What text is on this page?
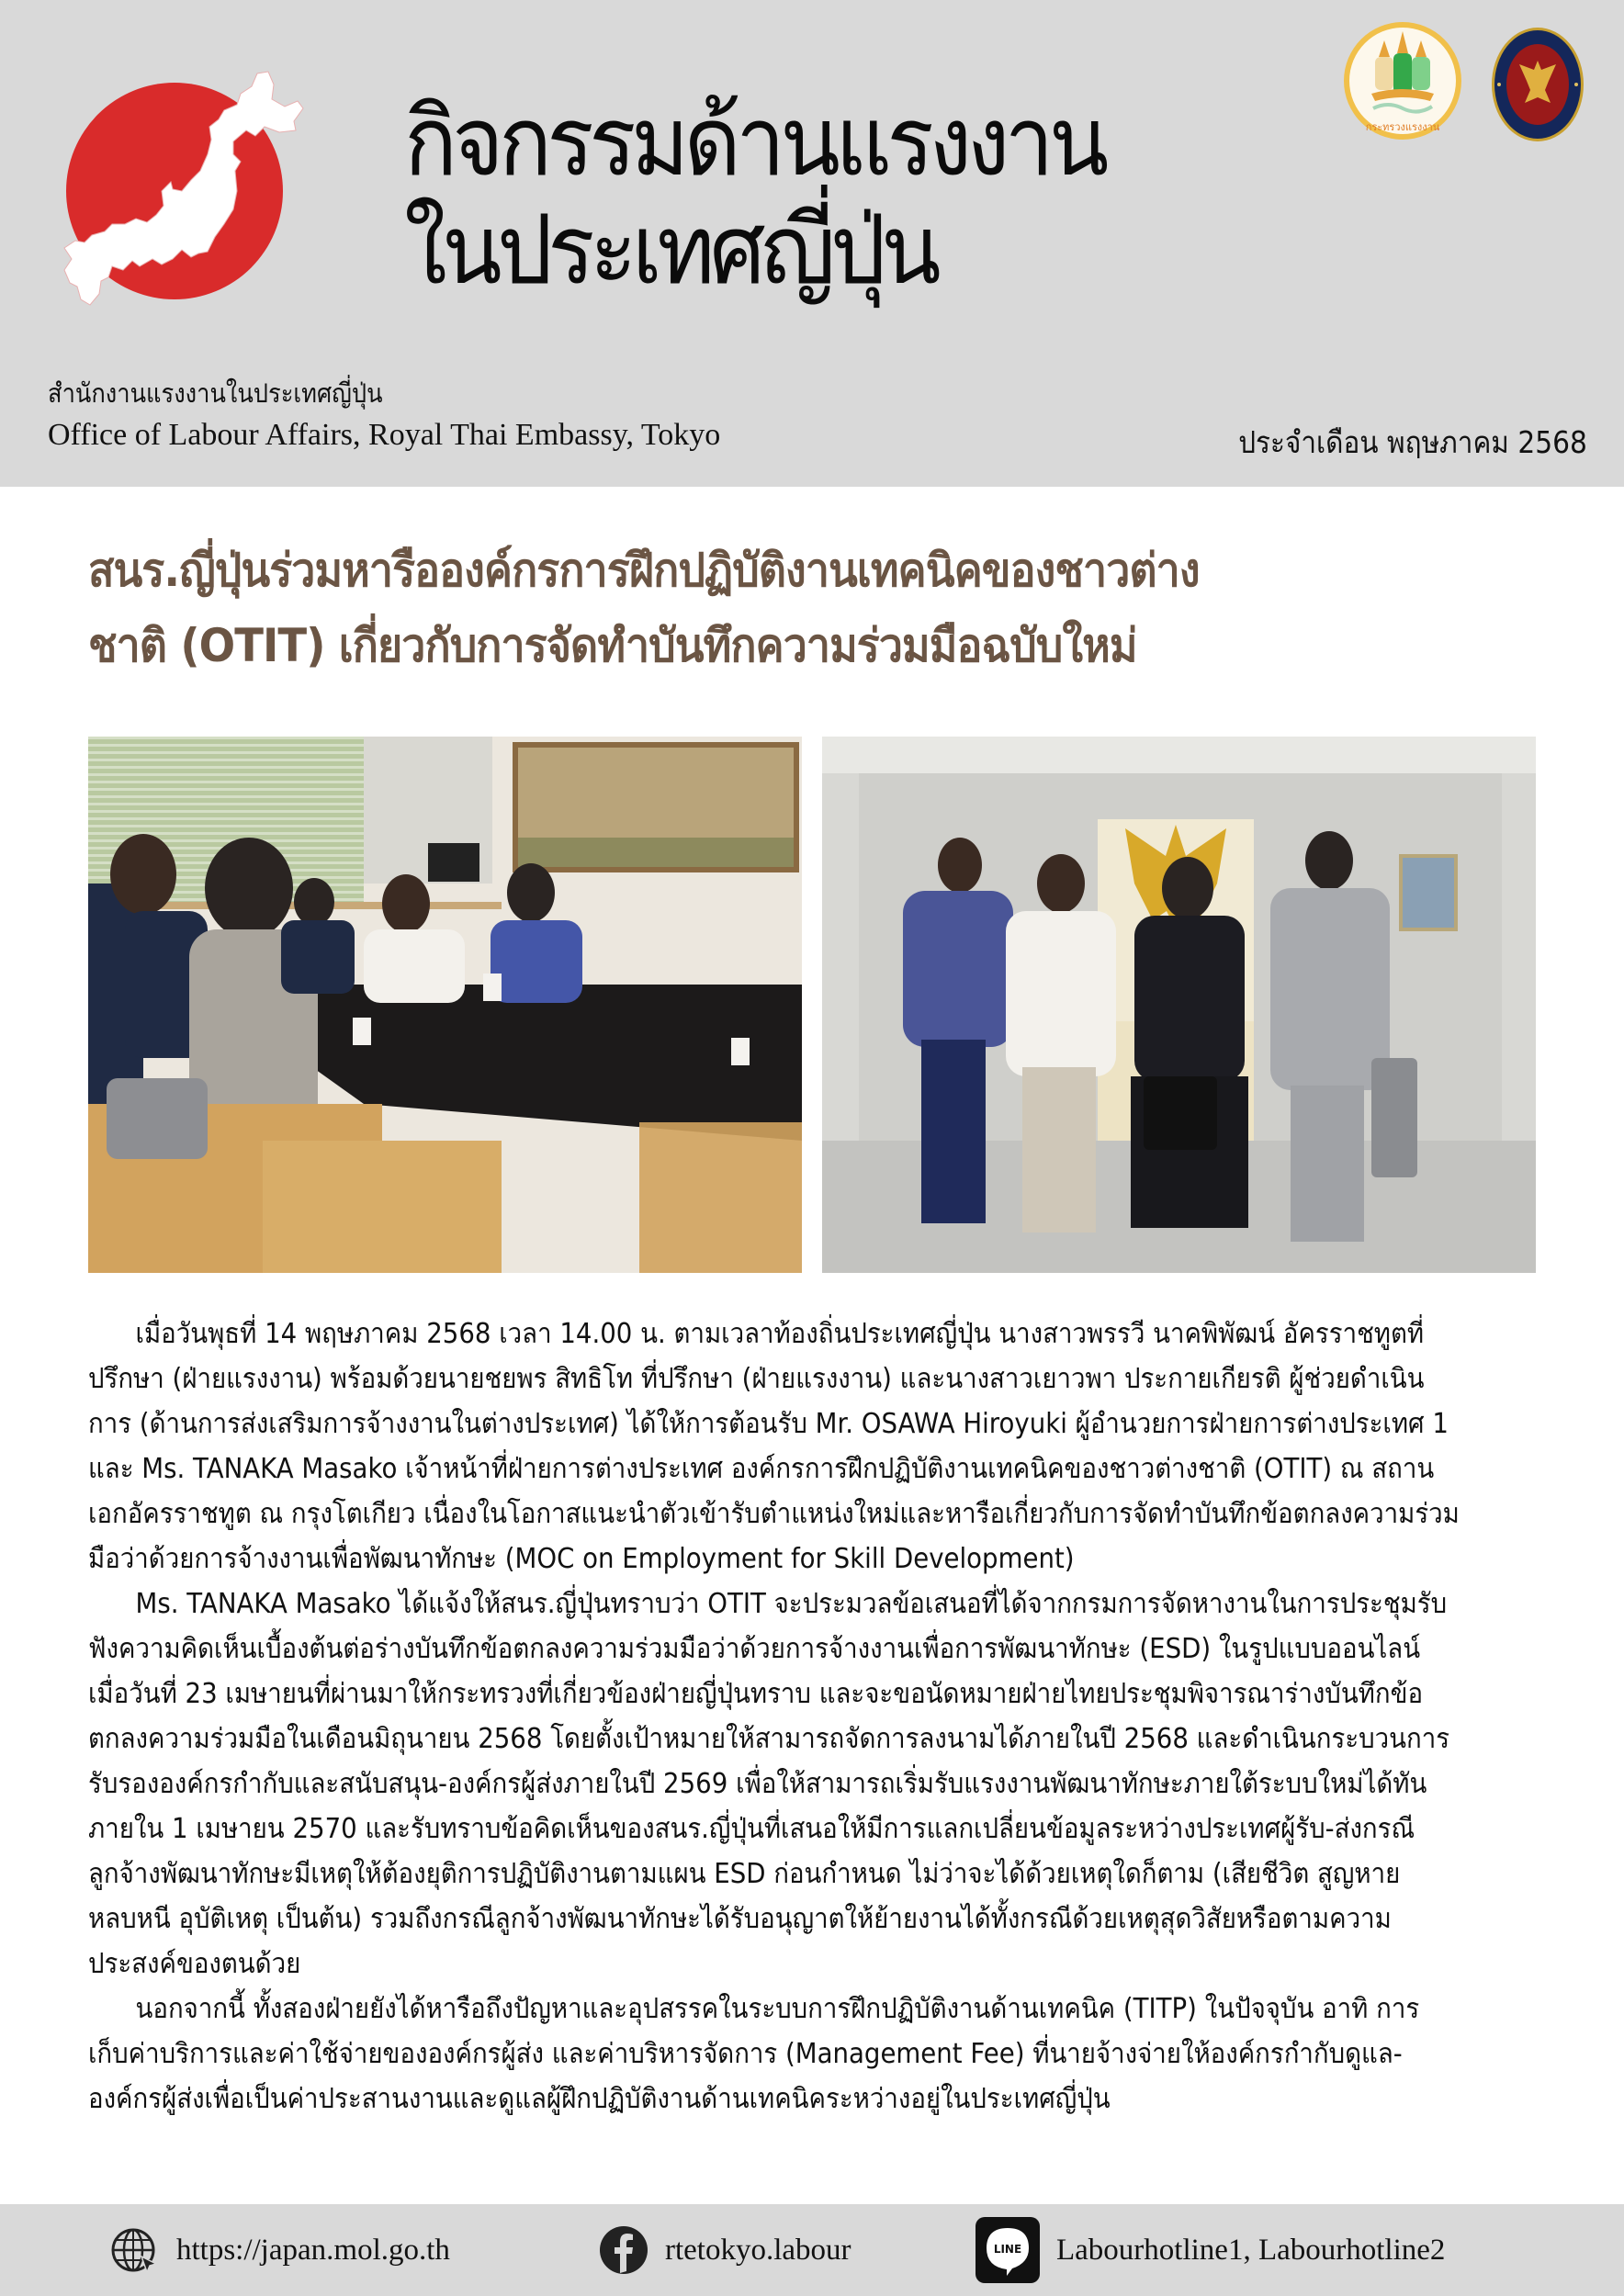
กิจกรรมด้านแรงงาน
ในประเทศญี่ปุ่น
กระทรวงแรงงาน
สำนักงานแรงงานในประเทศญี่ปุ่น
Office of Labour Affairs, Royal Thai Embassy, Tokyo	ประจำเดือน พฤษภาคม 2568
สนร.ญี่ปุ่นร่วมหารือองค์กรการฝึกปฏิบัติงานเทคนิคของชาวต่าง
ชาติ (OTIT) เกี่ยวกับการจัดทำบันทึกความร่วมมือฉบับใหม่
เมื่อวันพุธที่ 14 พฤษภาคม 2568 เวลา 14.00 น. ตามเวลาท้องถิ่นประเทศญี่ปุ่น นางสาวพรรวี นาคพิพัฒน์ อัครราชทูตที่
ปรึกษา (ฝ่ายแรงงาน) พร้อมด้วยนายชยพร สิทธิโท ที่ปรึกษา (ฝ่ายแรงงาน) และนางสาวเยาวพา ประกายเกียรติ ผู้ช่วยดำเนิน
การ (ด้านการส่งเสริมการจ้างงานในต่างประเทศ) ได้ให้การต้อนรับ Mr. OSAWA Hiroyuki ผู้อำนวยการฝ่ายการต่างประเทศ 1
และ Ms. TANAKA Masako เจ้าหน้าที่ฝ่ายการต่างประเทศ องค์กรการฝึกปฏิบัติงานเทคนิคของชาวต่างชาติ (OTIT) ณ สถาน
เอกอัครราชทูต ณ กรุงโตเกียว เนื่องในโอกาสแนะนำตัวเข้ารับตำแหน่งใหม่และหารือเกี่ยวกับการจัดทำบันทึกข้อตกลงความร่วม
มือว่าด้วยการจ้างงานเพื่อพัฒนาทักษะ (MOC on Employment for Skill Development)
Ms. TANAKA Masako ได้แจ้งให้สนร.ญี่ปุ่นทราบว่า OTIT จะประมวลข้อเสนอที่ได้จากกรมการจัดหางานในการประชุมรับ
ฟังความคิดเห็นเบื้องต้นต่อร่างบันทึกข้อตกลงความร่วมมือว่าด้วยการจ้างงานเพื่อการพัฒนาทักษะ (ESD) ในรูปแบบออนไลน์
เมื่อวันที่ 23 เมษายนที่ผ่านมาให้กระทรวงที่เกี่ยวข้องฝ่ายญี่ปุ่นทราบ และจะขอนัดหมายฝ่ายไทยประชุมพิจารณาร่างบันทึกข้อ
ตกลงความร่วมมือในเดือนมิถุนายน 2568 โดยตั้งเป้าหมายให้สามารถจัดการลงนามได้ภายในปี 2568 และดำเนินกระบวนการ
รับรององค์กรกำกับและสนับสนุน-องค์กรผู้ส่งภายในปี 2569 เพื่อให้สามารถเริ่มรับแรงงานพัฒนาทักษะภายใต้ระบบใหม่ได้ทัน
ภายใน 1 เมษายน 2570 และรับทราบข้อคิดเห็นของสนร.ญี่ปุ่นที่เสนอให้มีการแลกเปลี่ยนข้อมูลระหว่างประเทศผู้รับ-ส่งกรณี
ลูกจ้างพัฒนาทักษะมีเหตุให้ต้องยุติการปฏิบัติงานตามแผน ESD ก่อนกำหนด ไม่ว่าจะได้ด้วยเหตุใดก็ตาม (เสียชีวิต สูญหาย
หลบหนี อุบัติเหตุ เป็นต้น) รวมถึงกรณีลูกจ้างพัฒนาทักษะได้รับอนุญาตให้ย้ายงานได้ทั้งกรณีด้วยเหตุสุดวิสัยหรือตามความ
ประสงค์ของตนด้วย
นอกจากนี้ ทั้งสองฝ่ายยังได้หารือถึงปัญหาและอุปสรรคในระบบการฝึกปฏิบัติงานด้านเทคนิค (TITP) ในปัจจุบัน อาทิ การ
เก็บค่าบริการและค่าใช้จ่ายขององค์กรผู้ส่ง และค่าบริหารจัดการ (Management Fee) ที่นายจ้างจ่ายให้องค์กรกำกับดูแล-
องค์กรผู้ส่งเพื่อเป็นค่าประสานงานและดูแลผู้ฝึกปฏิบัติงานด้านเทคนิคระหว่างอยู่ในประเทศญี่ปุ่น
https://japan.mol.go.th	rtetokyo.labour	LINE Labourhotline1, Labourhotline2
